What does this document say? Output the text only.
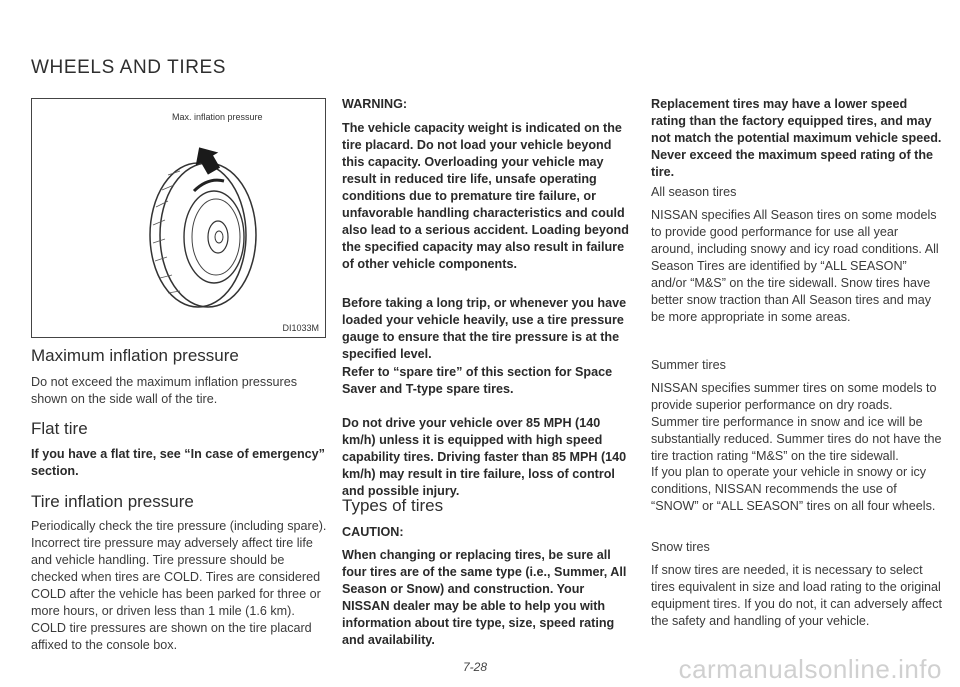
WHEELS AND TIRES
Max. inflation pressure
DI1033M
Maximum inflation pressure

Do not exceed the maximum inflation pressures shown on the side wall of the tire.

Flat tire

If you have a flat tire, see “In case of emergency” section.

Tire inflation pressure

Periodically check the tire pressure (including spare). Incorrect tire pressure may adversely affect tire life and vehicle handling. Tire pressure should be checked when tires are COLD. Tires are considered COLD after the vehicle has been parked for three or more hours, or driven less than 1 mile (1.6 km). COLD tire pressures are shown on the tire placard affixed to the console box.

WARNING:

The vehicle capacity weight is indicated on the tire placard. Do not load your vehicle beyond this capacity. Overloading your vehicle may result in reduced tire life, unsafe operating conditions due to premature tire failure, or unfavorable handling characteristics and could also lead to a serious accident. Loading beyond the specified capacity may also result in failure of other vehicle components.

Before taking a long trip, or whenever you have loaded your vehicle heavily, use a tire pressure gauge to ensure that the tire pressure is at the specified level.

Refer to “spare tire” of this section for Space Saver and T-type spare tires.

Do not drive your vehicle over 85 MPH (140 km/h) unless it is equipped with high speed capability tires. Driving faster than 85 MPH (140 km/h) may result in tire failure, loss of control and possible injury.

Types of tires

CAUTION:

When changing or replacing tires, be sure all four tires are of the same type (i.e., Summer, All Season or Snow) and construction. Your NISSAN dealer may be able to help you with information about tire type, size, speed rating and availability.

Replacement tires may have a lower speed rating than the factory equipped tires, and may not match the potential maximum vehicle speed. Never exceed the maximum speed rating of the tire.

All season tires

NISSAN specifies All Season tires on some models to provide good performance for use all year around, including snowy and icy road conditions. All Season Tires are identified by “ALL SEASON” and/or “M&S” on the tire sidewall. Snow tires have better snow traction than All Season tires and may be more appropriate in some areas.

Summer tires

NISSAN specifies summer tires on some models to provide superior performance on dry roads. Summer tire performance in snow and ice will be substantially reduced. Summer tires do not have the tire traction rating “M&S” on the tire sidewall.

If you plan to operate your vehicle in snowy or icy conditions, NISSAN recommends the use of “SNOW” or “ALL SEASON” tires on all four wheels.

Snow tires

If snow tires are needed, it is necessary to select tires equivalent in size and load rating to the original equipment tires. If you do not, it can adversely affect the safety and handling of your vehicle.

7-28	carmanualsonline.info
